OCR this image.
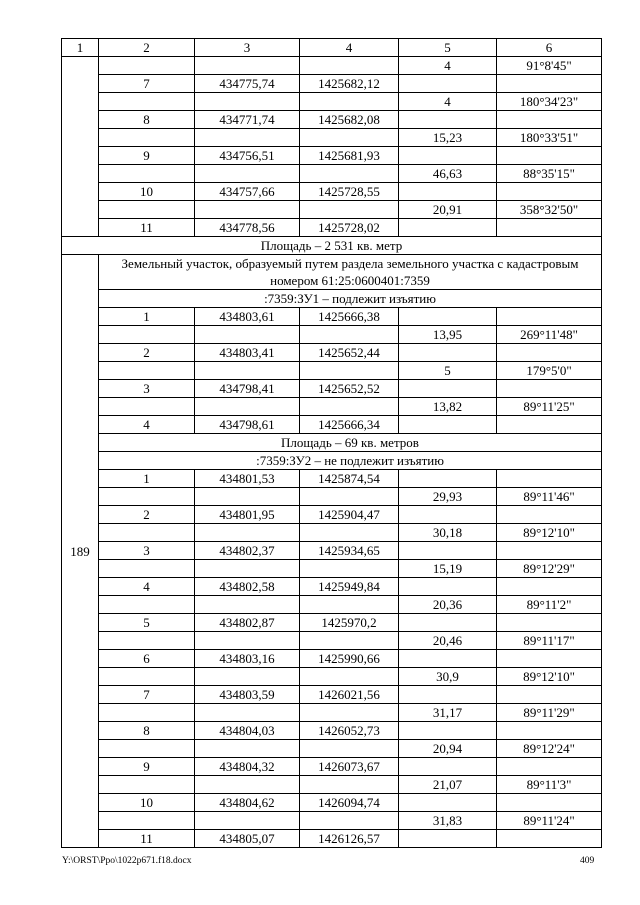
1	2	3	4	5	6
				4	91°8'45"
	7	434775,74	1425682,12		
				4	180°34'23"
	8	434771,74	1425682,08		
				15,23	180°33'51"
	9	434756,51	1425681,93		
				46,63	88°35'15"
	10	434757,66	1425728,55		
				20,91	358°32'50"
	11	434778,56	1425728,02		
Площадь – 2 531 кв. метр					
189	Земельный участок, образуемый путем раздела земельного участка с кадастровым номером 61:25:0600401:7359				
	:7359:ЗУ1 – подлежит изъятию				
	1	434803,61	1425666,38		
				13,95	269°11'48"
	2	434803,41	1425652,44		
				5	179°5'0"
	3	434798,41	1425652,52		
				13,82	89°11'25"
	4	434798,61	1425666,34		
	Площадь – 69 кв. метров				
	:7359:ЗУ2 – не подлежит изъятию				
	1	434801,53	1425874,54		
				29,93	89°11'46"
	2	434801,95	1425904,47		
				30,18	89°12'10"
	3	434802,37	1425934,65		
				15,19	89°12'29"
	4	434802,58	1425949,84		
				20,36	89°11'2"
	5	434802,87	1425970,2		
				20,46	89°11'17"
	6	434803,16	1425990,66		
				30,9	89°12'10"
	7	434803,59	1426021,56		
				31,17	89°11'29"
	8	434804,03	1426052,73		
				20,94	89°12'24"
	9	434804,32	1426073,67		
				21,07	89°11'3"
	10	434804,62	1426094,74		
				31,83	89°11'24"
	11	434805,07	1426126,57		
Y:\ORST\Ppo\1022p671.f18.docx	409
